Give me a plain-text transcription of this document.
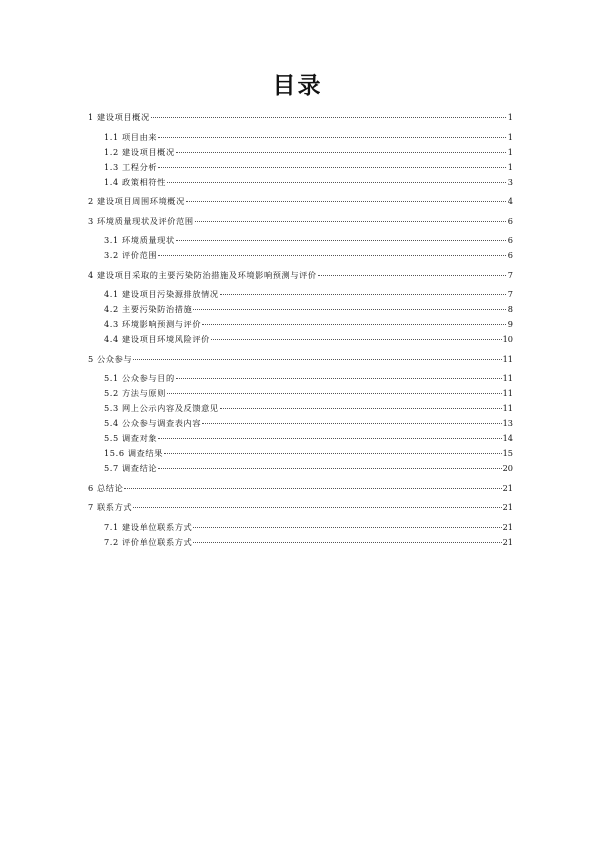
目录
1 建设项目概况	1
1.1 项目由来	1
1.2 建设项目概况	1
1.3 工程分析	1
1.4 政策相符性	3
2 建设项目周围环境概况	4
3 环境质量现状及评价范围	6
3.1 环境质量现状	6
3.2 评价范围	6
4 建设项目采取的主要污染防治措施及环境影响预测与评价	7
4.1 建设项目污染源排放情况	7
4.2 主要污染防治措施	8
4.3 环境影响预测与评价	9
4.4 建设项目环境风险评价	10
5 公众参与	11
5.1 公众参与目的	11
5.2 方法与原则	11
5.3 网上公示内容及反馈意见	11
5.4 公众参与调查表内容	13
5.5 调查对象	14
15.6 调查结果	15
5.7 调查结论	20
6 总结论	21
7 联系方式	21
7.1 建设单位联系方式	21
7.2 评价单位联系方式	21
